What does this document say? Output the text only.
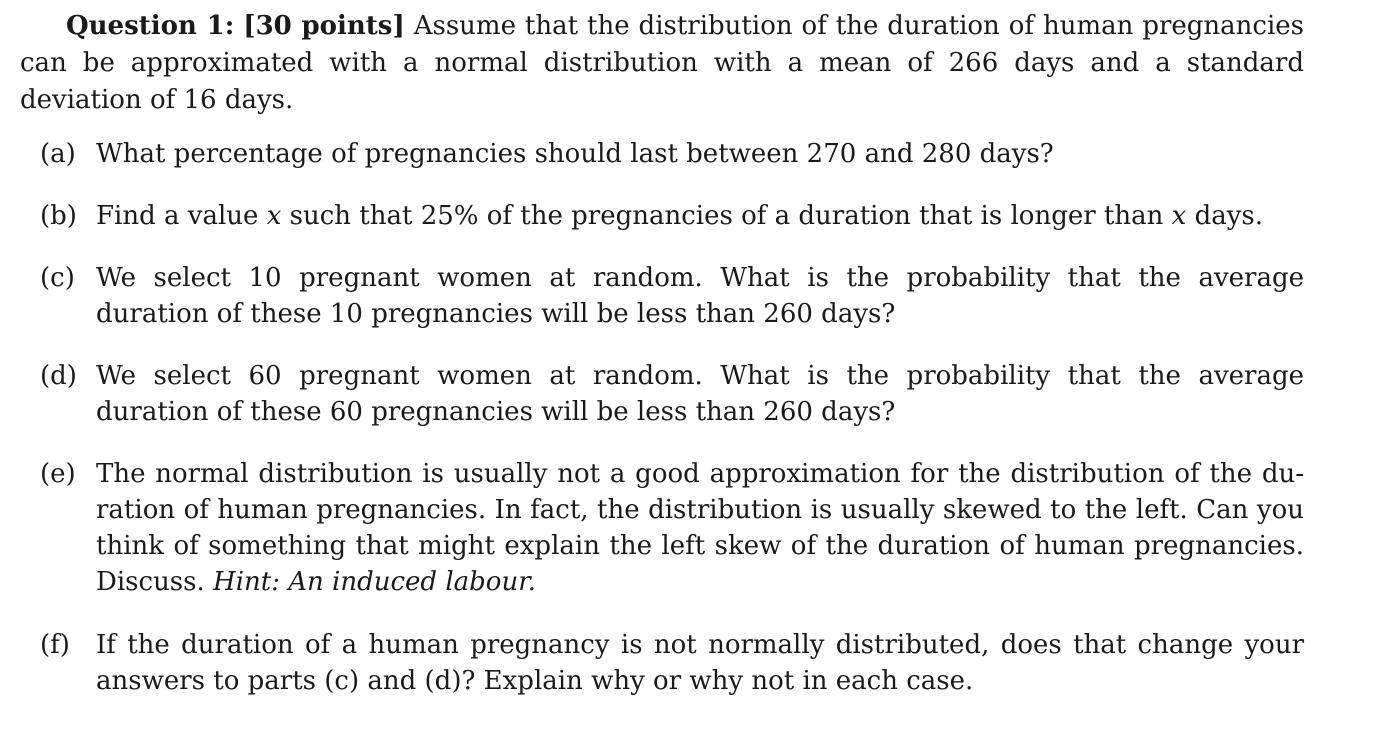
Question 1: [30 points] Assume that the distribution of the duration of human pregnancies can be approximated with a normal distribution with a mean of 266 days and a standard deviation of 16 days.

(a) What percentage of pregnancies should last between 270 and 280 days?
(b) Find a value x such that 25% of the pregnancies of a duration that is longer than x days.
(c) We select 10 pregnant women at random. What is the probability that the average duration of these 10 pregnancies will be less than 260 days?
(d) We select 60 pregnant women at random. What is the probability that the average duration of these 60 pregnancies will be less than 260 days?
(e) The normal distribution is usually not a good approximation for the distribution of the duration of human pregnancies. In fact, the distribution is usually skewed to the left. Can you think of something that might explain the left skew of the duration of human pregnancies. Discuss. Hint: An induced labour.
(f) If the duration of a human pregnancy is not normally distributed, does that change your answers to parts (c) and (d)? Explain why or why not in each case.
